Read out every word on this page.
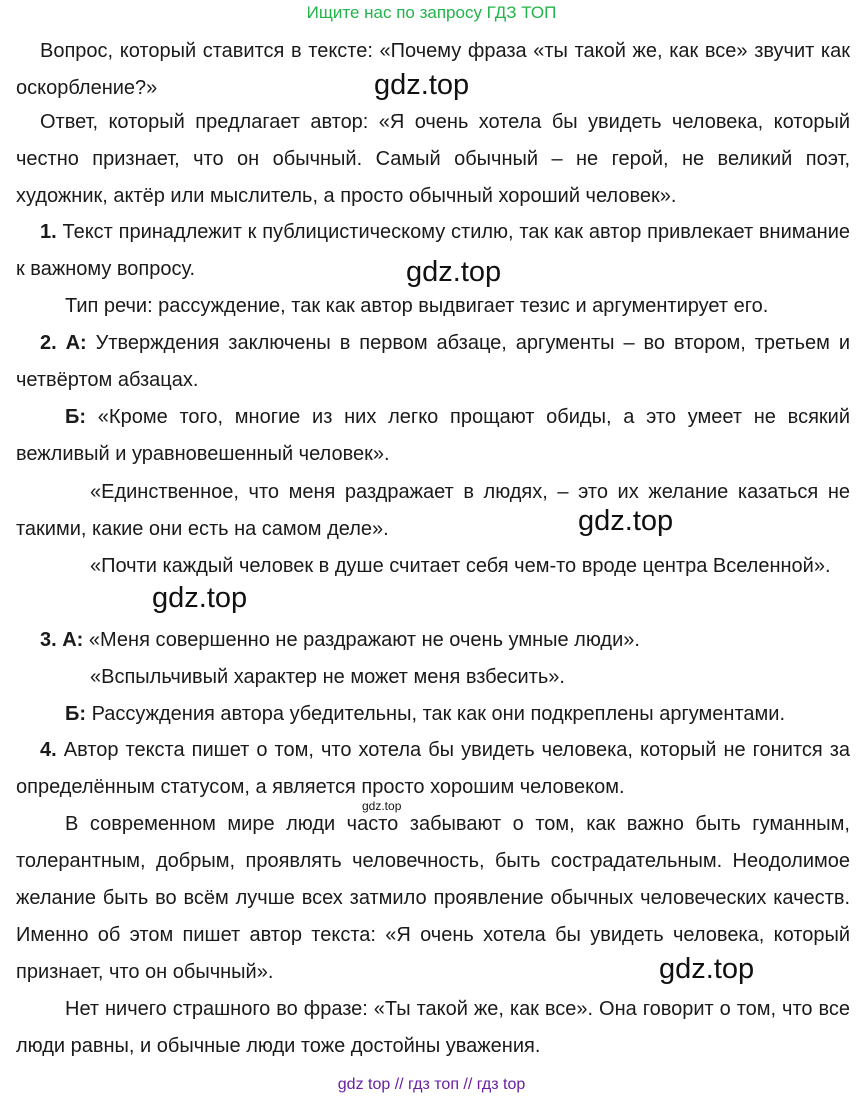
Ищите нас по запросу ГДЗ ТОП

Вопрос, который ставится в тексте: «Почему фраза «ты такой же, как все» звучит как оскорбление?»	gdz.top

Ответ, который предлагает автор: «Я очень хотела бы увидеть человека, который честно признает, что он обычный. Самый обычный – не герой, не великий поэт, художник, актёр или мыслитель, а просто обычный хороший человек».

1. Текст принадлежит к публицистическому стилю, так как автор привлекает внимание к важному вопросу.	gdz.top

Тип речи: рассуждение, так как автор выдвигает тезис и аргументирует его.

2. А: Утверждения заключены в первом абзаце, аргументы – во втором, третьем и четвёртом абзацах.

Б: «Кроме того, многие из них легко прощают обиды, а это умеет не всякий вежливый и уравновешенный человек».

«Единственное, что меня раздражает в людях, – это их желание казаться не такими, какие они есть на самом деле».	gdz.top

«Почти каждый человек в душе считает себя чем-то вроде центра Вселенной».

gdz.top

3. А: «Меня совершенно не раздражают не очень умные люди».

«Вспыльчивый характер не может меня взбесить».

Б: Рассуждения автора убедительны, так как они подкреплены аргументами.

4. Автор текста пишет о том, что хотела бы увидеть человека, который не гонится за определённым статусом, а является просто хорошим человеком.

gdz.top

В современном мире люди часто забывают о том, как важно быть гуманным, толерантным, добрым, проявлять человечность, быть сострадательным. Неодолимое желание быть во всём лучше всех затмило проявление обычных человеческих качеств. Именно об этом пишет автор текста: «Я очень хотела бы увидеть человека, который признает, что он обычный».	gdz.top

Нет ничего страшного во фразе: «Ты такой же, как все». Она говорит о том, что все люди равны, и обычные люди тоже достойны уважения.

gdz top // гдз топ // гдз top
